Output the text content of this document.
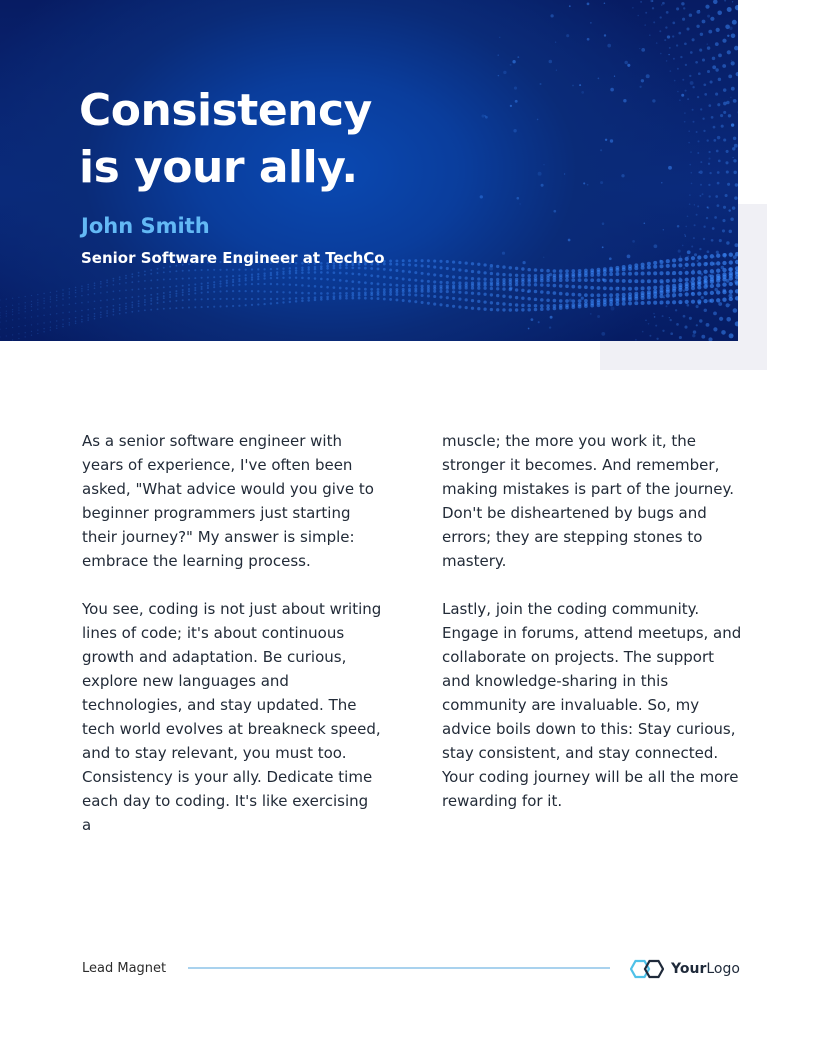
Consistency
is your ally.

John Smith

Senior Software Engineer at TechCo

As a senior software engineer with years of experience, I've often been asked, "What advice would you give to beginner programmers just starting their journey?" My answer is simple: embrace the learning process.

You see, coding is not just about writing lines of code; it's about continuous growth and adaptation. Be curious, explore new languages and technologies, and stay updated. The tech world evolves at breakneck speed, and to stay relevant, you must too. Consistency is your ally. Dedicate time each day to coding. It's like exercising a

muscle; the more you work it, the stronger it becomes. And remember, making mistakes is part of the journey. Don't be disheartened by bugs and errors; they are stepping stones to mastery.

Lastly, join the coding community. Engage in forums, attend meetups, and collaborate on projects. The support and knowledge-sharing in this community are invaluable. So, my advice boils down to this: Stay curious, stay consistent, and stay connected. Your coding journey will be all the more rewarding for it.

Lead Magnet	YourLogo
